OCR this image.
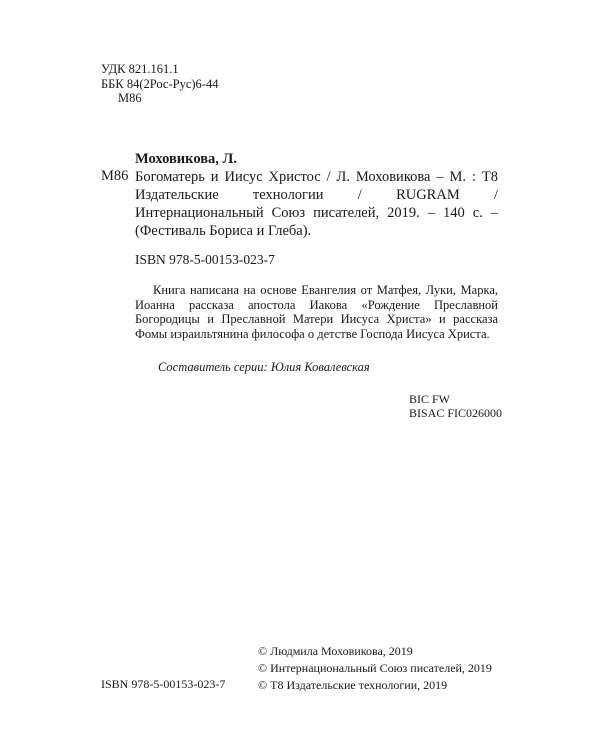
УДК 821.161.1
ББК 84(2Рос-Рус)6-44
М86
М86
Моховикова, Л.
Богоматерь и Иисус Христос / Л. Моховикова – М. : Т8 Издательские технологии / RUGRAM / Интернациональный Союз писателей, 2019. – 140 с. – (Фестиваль Бориса и Глеба).
ISBN 978-5-00153-023-7
Книга написана на основе Евангелия от Матфея, Луки, Марка, Иоанна рассказа апостола Иакова «Рождение Преславной Богородицы и Преславной Матери Иисуса Христа» и рассказа Фомы израильтянина философа о детстве Господа Иисуса Христа.
Составитель серии: Юлия Ковалевская
BIC FW
BISAC FIC026000
© Людмила Моховикова, 2019
© Интернациональный Союз писателей, 2019
© Т8 Издательские технологии, 2019
ISBN 978-5-00153-023-7
